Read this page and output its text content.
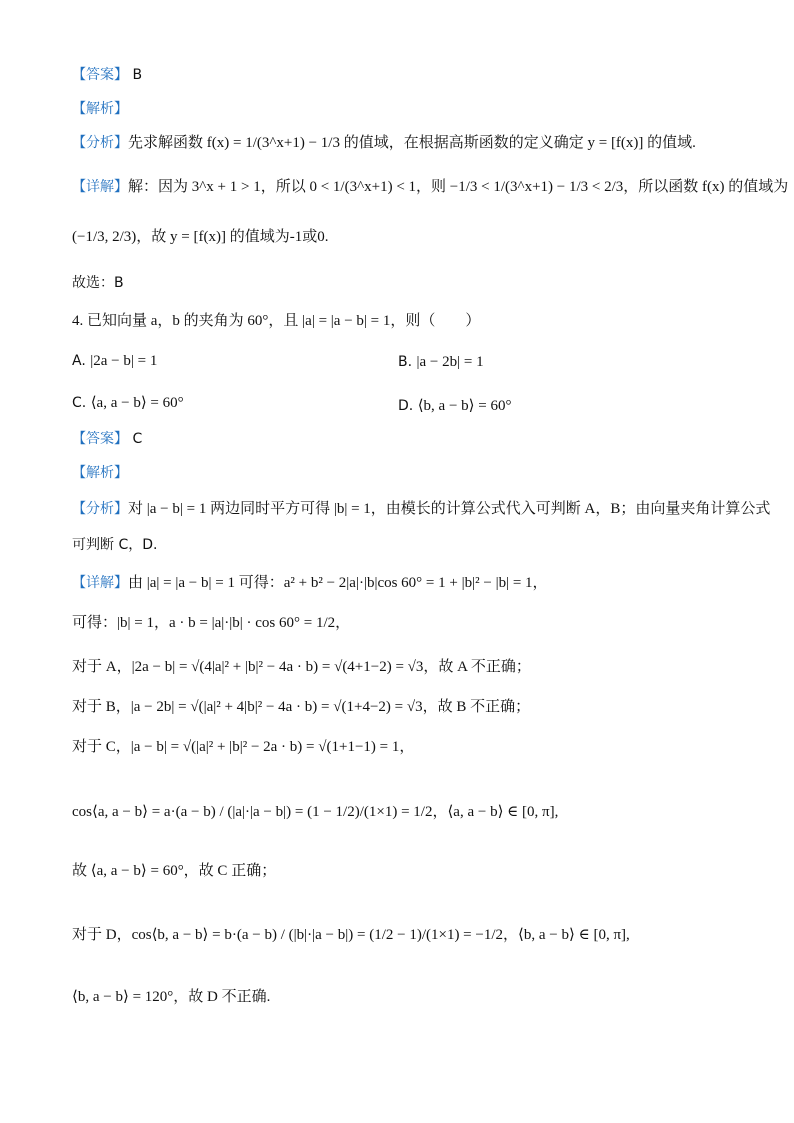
【答案】 B
【解析】
【分析】先求解函数 f(x) = 1/(3^x+1) − 1/3 的值域，在根据高斯函数的定义确定 y = [f(x)] 的值域.
【详解】解：因为 3^x + 1 > 1，所以 0 < 1/(3^x+1) < 1，则 −1/3 < 1/(3^x+1) − 1/3 < 2/3，所以函数 f(x) 的值域为
(−1/3, 2/3)，故 y = [f(x)] 的值域为-1或0.
故选：B
4. 已知向量 a，b 的夹角为 60°，且 |a| = |a − b| = 1，则（　　）
A. |2a − b| = 1	B. |a − 2b| = 1
C. ⟨a, a − b⟩ = 60°	D. ⟨b, a − b⟩ = 60°
【答案】 C
【解析】
【分析】对 |a − b| = 1 两边同时平方可得 |b| = 1，由模长的计算公式代入可判断 A，B；由向量夹角计算公式
可判断 C，D.
【详解】由 |a| = |a − b| = 1 可得：a² + b² − 2|a|·|b|cos 60° = 1 + |b|² − |b| = 1，
可得：|b| = 1，a · b = |a|·|b| · cos 60° = 1/2，
对于 A，|2a − b| = √(4|a|² + |b|² − 4a · b) = √(4+1−2) = √3，故 A 不正确；
对于 B，|a − 2b| = √(|a|² + 4|b|² − 4a · b) = √(1+4−2) = √3，故 B 不正确；
对于 C，|a − b| = √(|a|² + |b|² − 2a · b) = √(1+1−1) = 1，
cos⟨a, a − b⟩ = a·(a − b) / (|a|·|a − b|) = (1 − 1/2)/(1×1) = 1/2，⟨a, a − b⟩ ∈ [0, π],
故 ⟨a, a − b⟩ = 60°，故 C 正确；
对于 D，cos⟨b, a − b⟩ = b·(a − b) / (|b|·|a − b|) = (1/2 − 1)/(1×1) = −1/2，⟨b, a − b⟩ ∈ [0, π],
⟨b, a − b⟩ = 120°，故 D 不正确.
